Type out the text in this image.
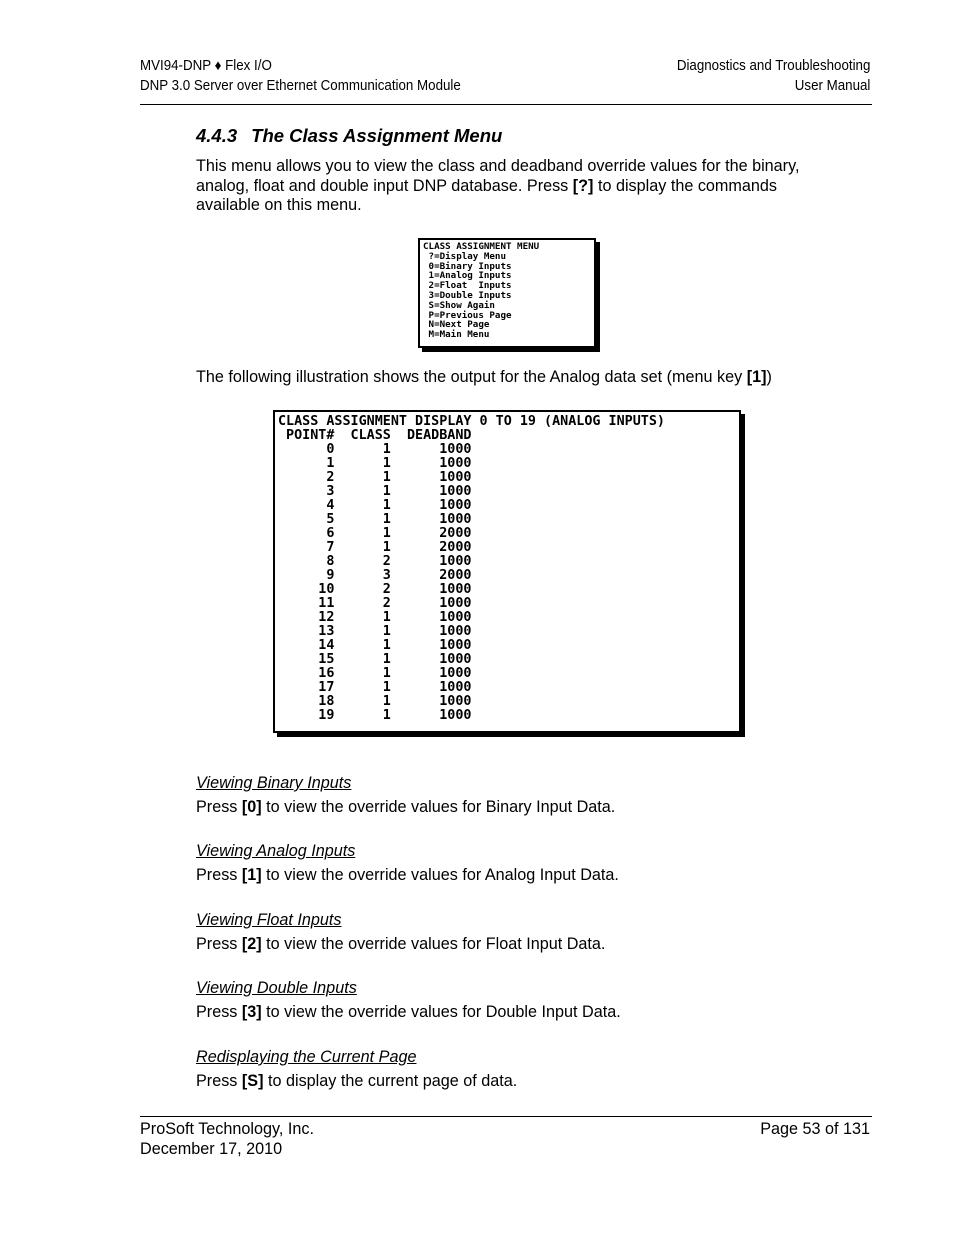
MVI94-DNP ♦ Flex I/O
DNP 3.0 Server over Ethernet Communication Module
Diagnostics and Troubleshooting
User Manual
4.4.3 The Class Assignment Menu
This menu allows you to view the class and deadband override values for the binary, analog, float and double input DNP database. Press [?] to display the commands available on this menu.
CLASS ASSIGNMENT MENU
?=Display Menu
0=Binary Inputs
1=Analog Inputs
2=Float  Inputs
3=Double Inputs
S=Show Again
P=Previous Page
N=Next Page
M=Main Menu
The following illustration shows the output for the Analog data set (menu key [1])
CLASS ASSIGNMENT DISPLAY 0 TO 19 (ANALOG INPUTS)
POINT#  CLASS  DEADBAND
0      1      1000
1      1      1000
2      1      1000
3      1      1000
4      1      1000
5      1      1000
6      1      2000
7      1      2000
8      2      1000
9      3      2000
10      2      1000
11      2      1000
12      1      1000
13      1      1000
14      1      1000
15      1      1000
16      1      1000
17      1      1000
18      1      1000
19      1      1000
Viewing Binary Inputs
Press [0] to view the override values for Binary Input Data.
Viewing Analog Inputs
Press [1] to view the override values for Analog Input Data.
Viewing Float Inputs
Press [2] to view the override values for Float Input Data.
Viewing Double Inputs
Press [3] to view the override values for Double Input Data.
Redisplaying the Current Page
Press [S] to display the current page of data.
ProSoft Technology, Inc.
December 17, 2010
Page 53 of 131
